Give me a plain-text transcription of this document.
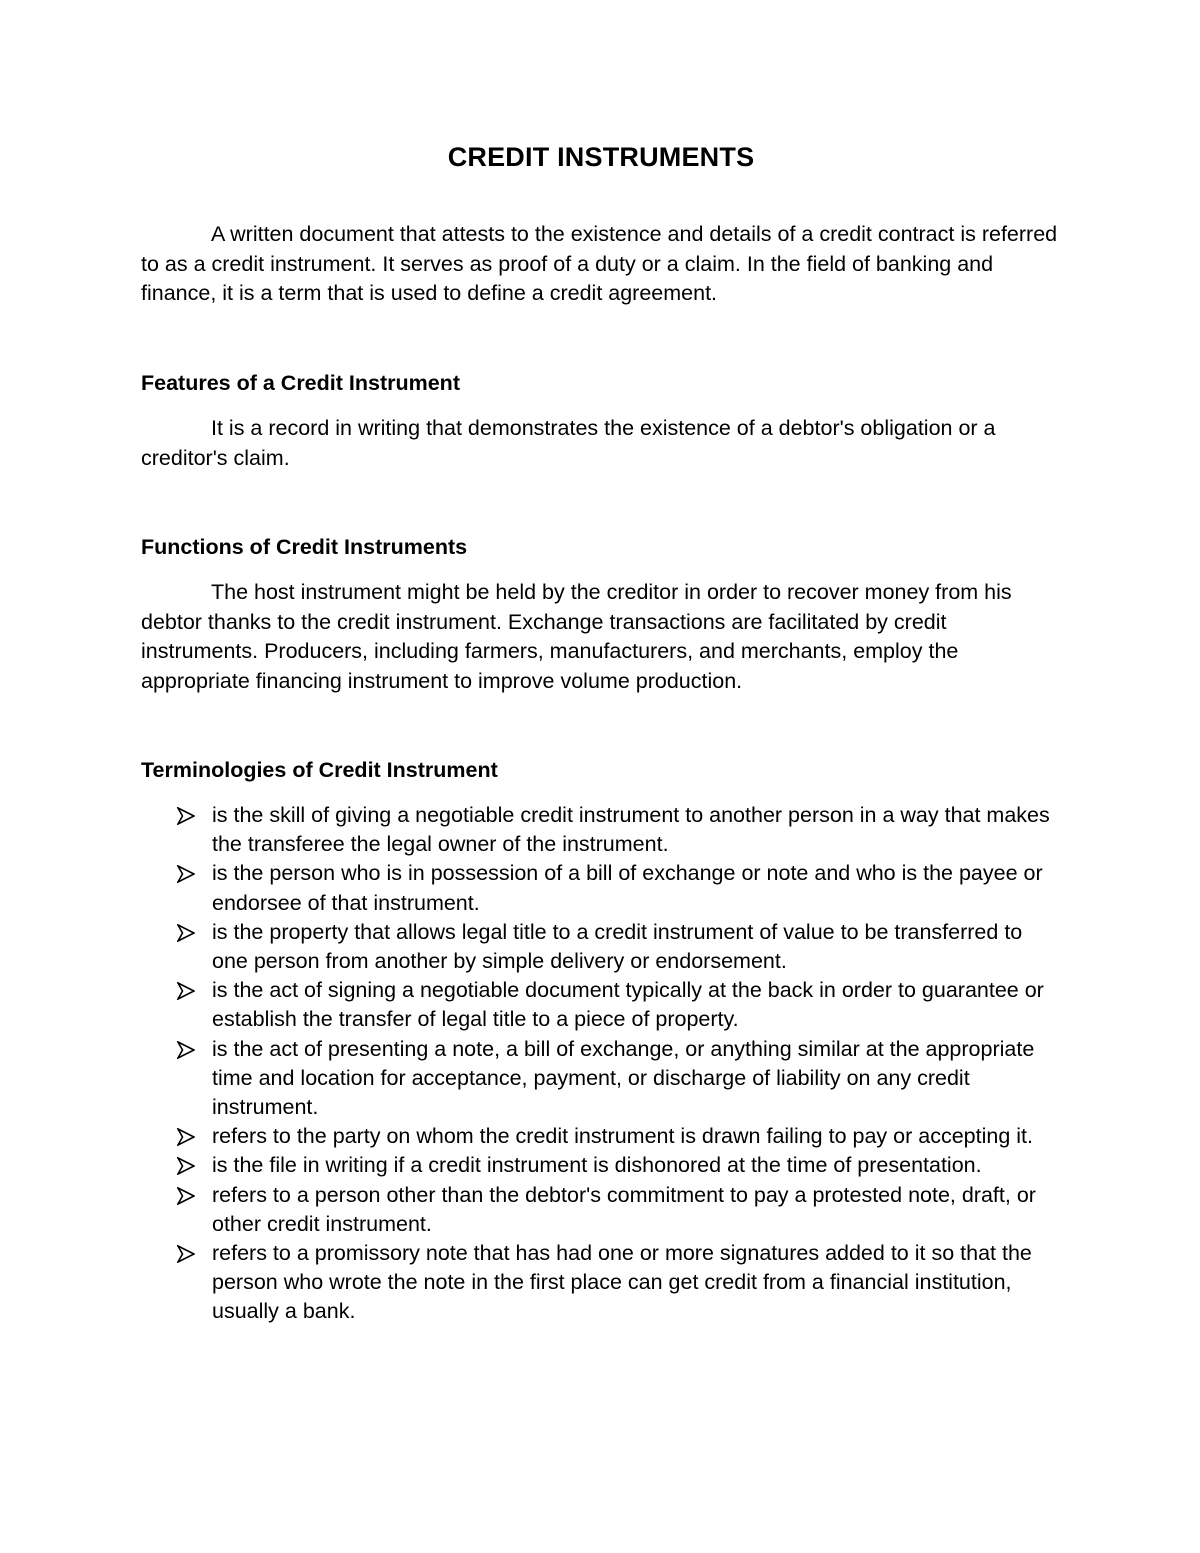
CREDIT INSTRUMENTS

A written document that attests to the existence and details of a credit contract is referred to as a credit instrument. It serves as proof of a duty or a claim. In the field of banking and finance, it is a term that is used to define a credit agreement.

Features of a Credit Instrument

It is a record in writing that demonstrates the existence of a debtor's obligation or a creditor's claim.

Functions of Credit Instruments

The host instrument might be held by the creditor in order to recover money from his debtor thanks to the credit instrument. Exchange transactions are facilitated by credit instruments. Producers, including farmers, manufacturers, and merchants, employ the appropriate financing instrument to improve volume production.

Terminologies of Credit Instrument
is the skill of giving a negotiable credit instrument to another person in a way that makes the transferee the legal owner of the instrument.
is the person who is in possession of a bill of exchange or note and who is the payee or endorsee of that instrument.
is the property that allows legal title to a credit instrument of value to be transferred to one person from another by simple delivery or endorsement.
is the act of signing a negotiable document typically at the back in order to guarantee or establish the transfer of legal title to a piece of property.
is the act of presenting a note, a bill of exchange, or anything similar at the appropriate time and location for acceptance, payment, or discharge of liability on any credit instrument.
refers to the party on whom the credit instrument is drawn failing to pay or accepting it.
is the file in writing if a credit instrument is dishonored at the time of presentation.
refers to a person other than the debtor's commitment to pay a protested note, draft, or other credit instrument.
refers to a promissory note that has had one or more signatures added to it so that the person who wrote the note in the first place can get credit from a financial institution, usually a bank.
